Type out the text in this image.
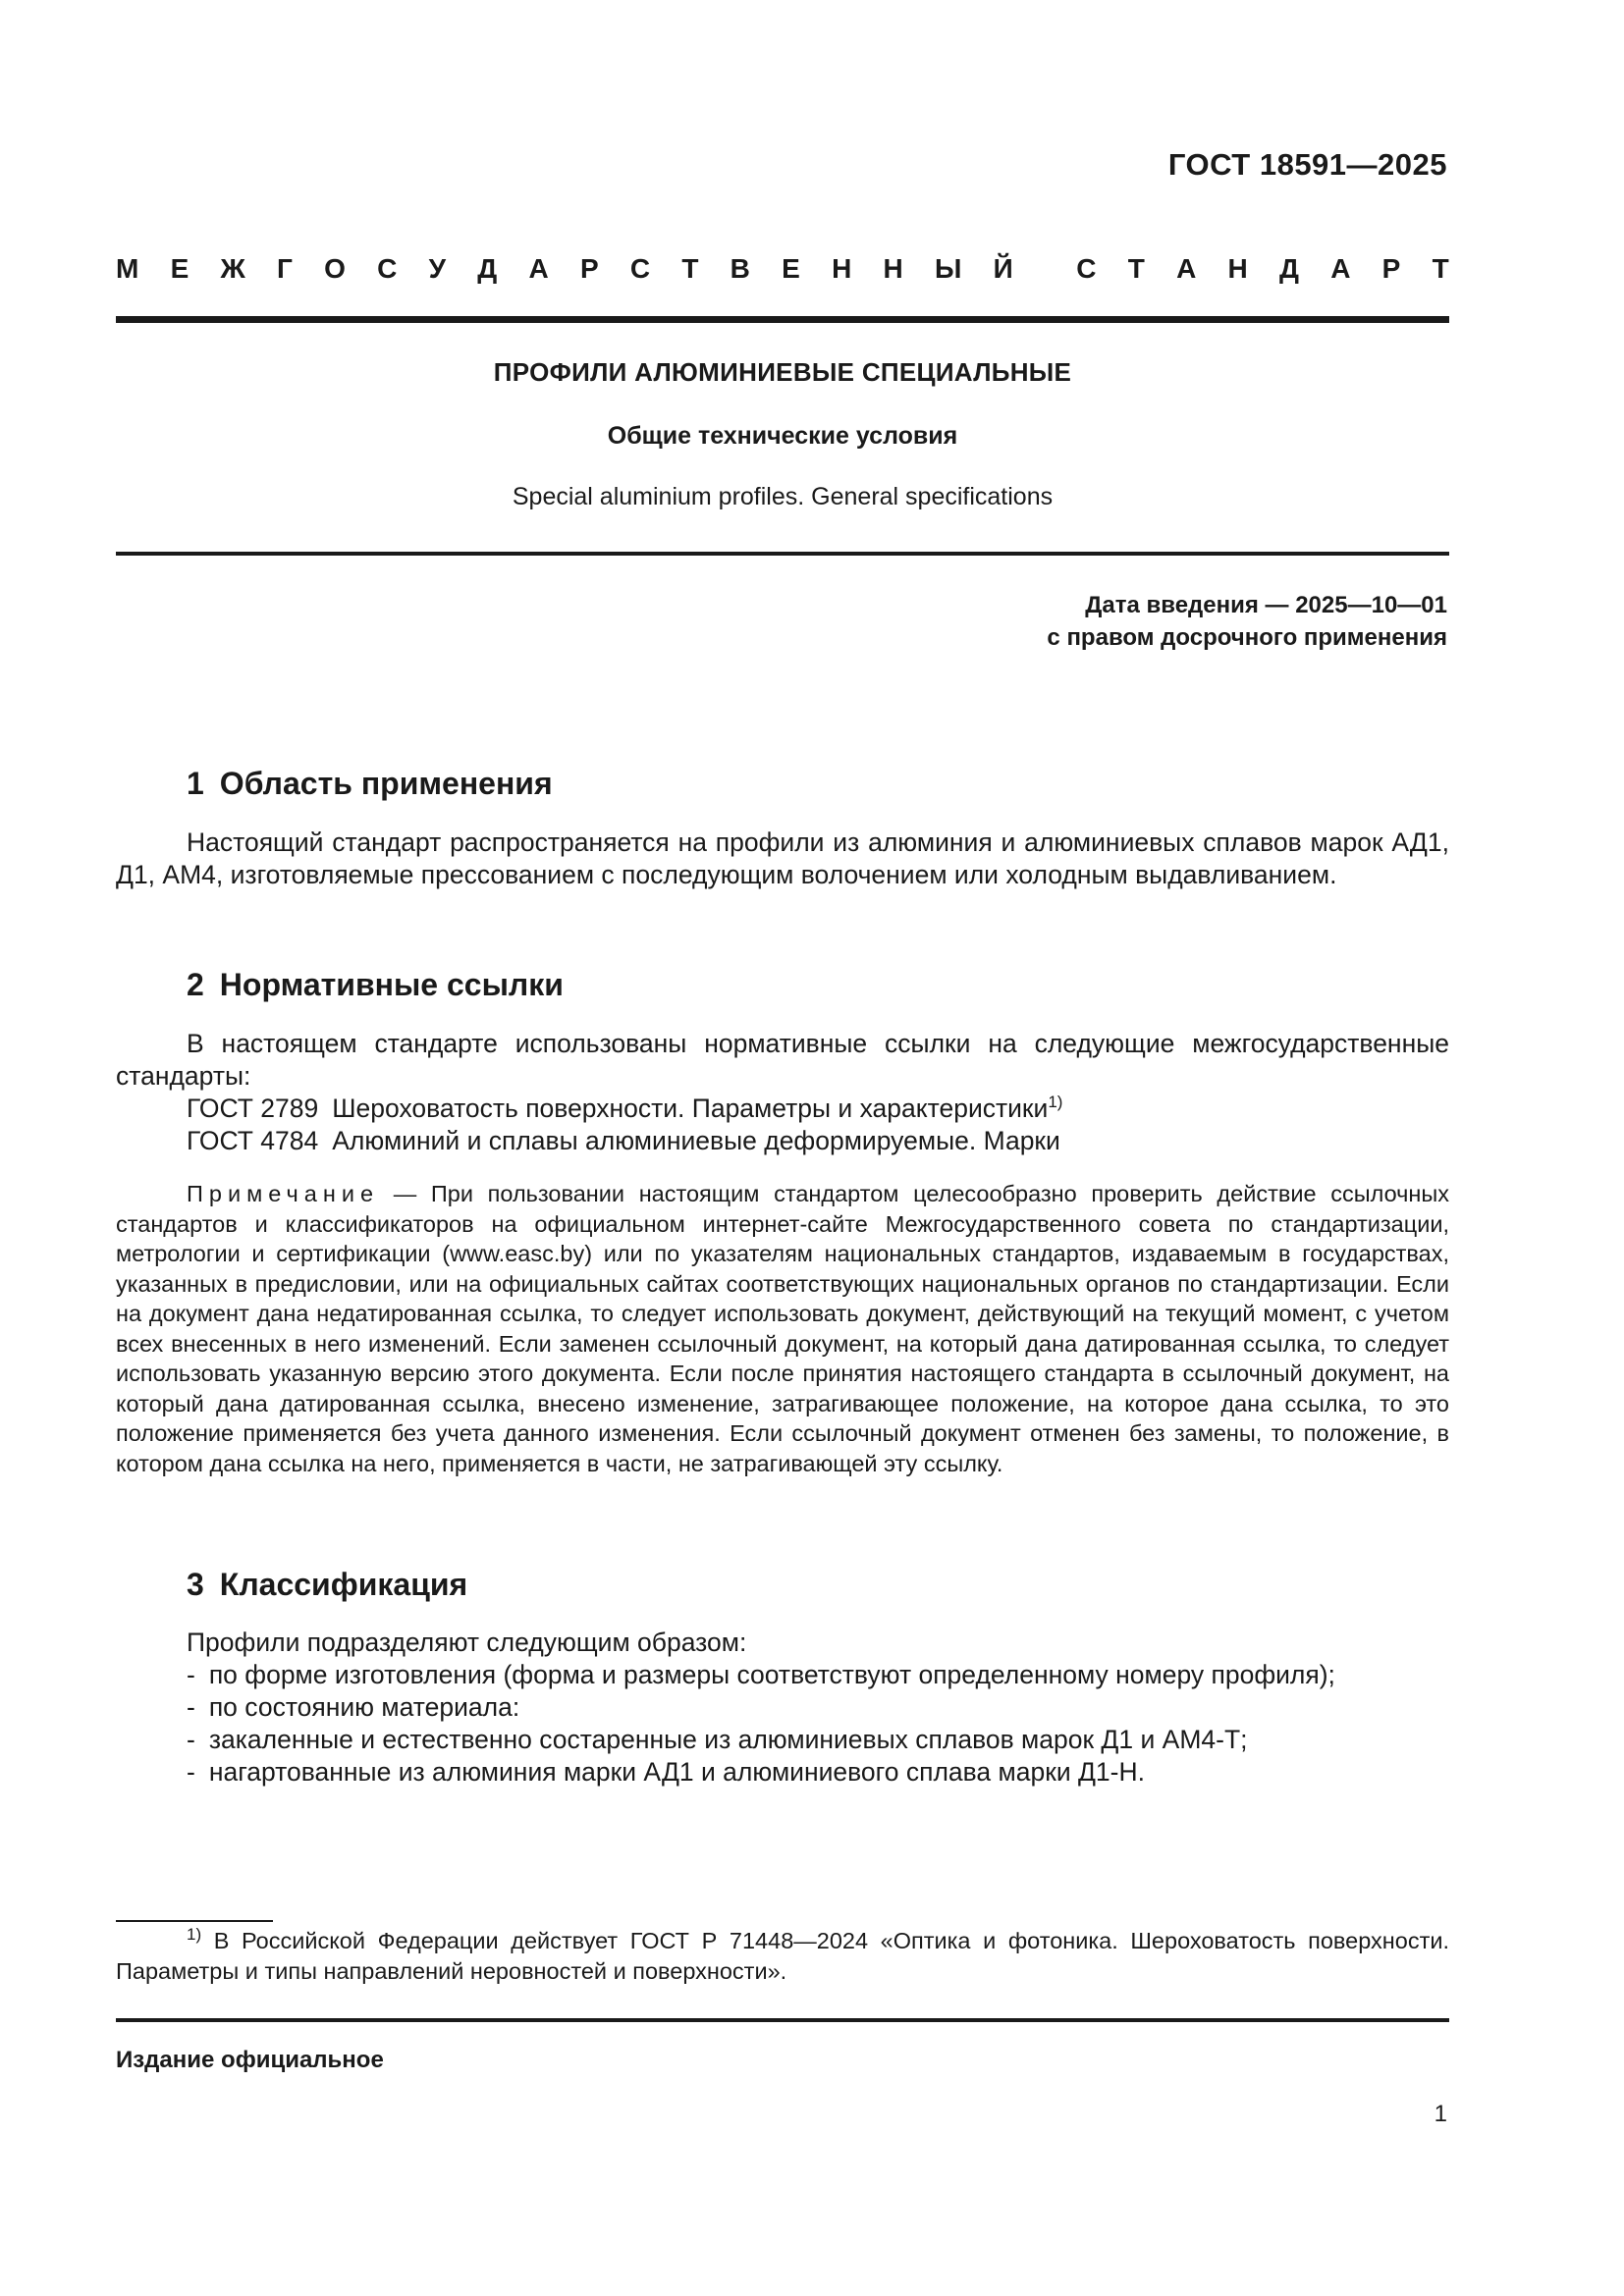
ГОСТ 18591—2025
М Е Ж Г О С У Д А Р С Т В Е Н Н Ы Й С Т А Н Д А Р Т
ПРОФИЛИ АЛЮМИНИЕВЫЕ СПЕЦИАЛЬНЫЕ
Общие технические условия
Special aluminium profiles. General specifications
Дата введения — 2025—10—01
с правом досрочного применения
1 Область применения
Настоящий стандарт распространяется на профили из алюминия и алюминиевых сплавов марок АД1, Д1, АМ4, изготовляемые прессованием с последующим волочением или холодным выдавливанием.
2 Нормативные ссылки
В настоящем стандарте использованы нормативные ссылки на следующие межгосударственные стандарты:
ГОСТ 2789 Шероховатость поверхности. Параметры и характеристики$^{1)}$
ГОСТ 4784 Алюминий и сплавы алюминиевые деформируемые. Марки
Примечание — При пользовании настоящим стандартом целесообразно проверить действие ссылочных стандартов и классификаторов на официальном интернет-сайте Межгосударственного совета по стандартизации, метрологии и сертификации (www.easc.by) или по указателям национальных стандартов, издаваемым в государствах, указанных в предисловии, или на официальных сайтах соответствующих национальных органов по стандартизации. Если на документ дана недатированная ссылка, то следует использовать документ, действующий на текущий момент, с учетом всех внесенных в него изменений. Если заменен ссылочный документ, на который дана датированная ссылка, то следует использовать указанную версию этого документа. Если после принятия настоящего стандарта в ссылочный документ, на который дана датированная ссылка, внесено изменение, затрагивающее положение, на которое дана ссылка, то это положение применяется без учета данного изменения. Если ссылочный документ отменен без замены, то положение, в котором дана ссылка на него, применяется в части, не затрагивающей эту ссылку.
3 Классификация
Профили подразделяют следующим образом:
- по форме изготовления (форма и размеры соответствуют определенному номеру профиля);
- по состоянию материала:
- закаленные и естественно состаренные из алюминиевых сплавов марок Д1 и АМ4-Т;
- нагартованные из алюминия марки АД1 и алюминиевого сплава марки Д1-Н.
$^{1)}$ В Российской Федерации действует ГОСТ Р 71448—2024 «Оптика и фотоника. Шероховатость поверхности. Параметры и типы направлений неровностей и поверхности».
Издание официальное
1
